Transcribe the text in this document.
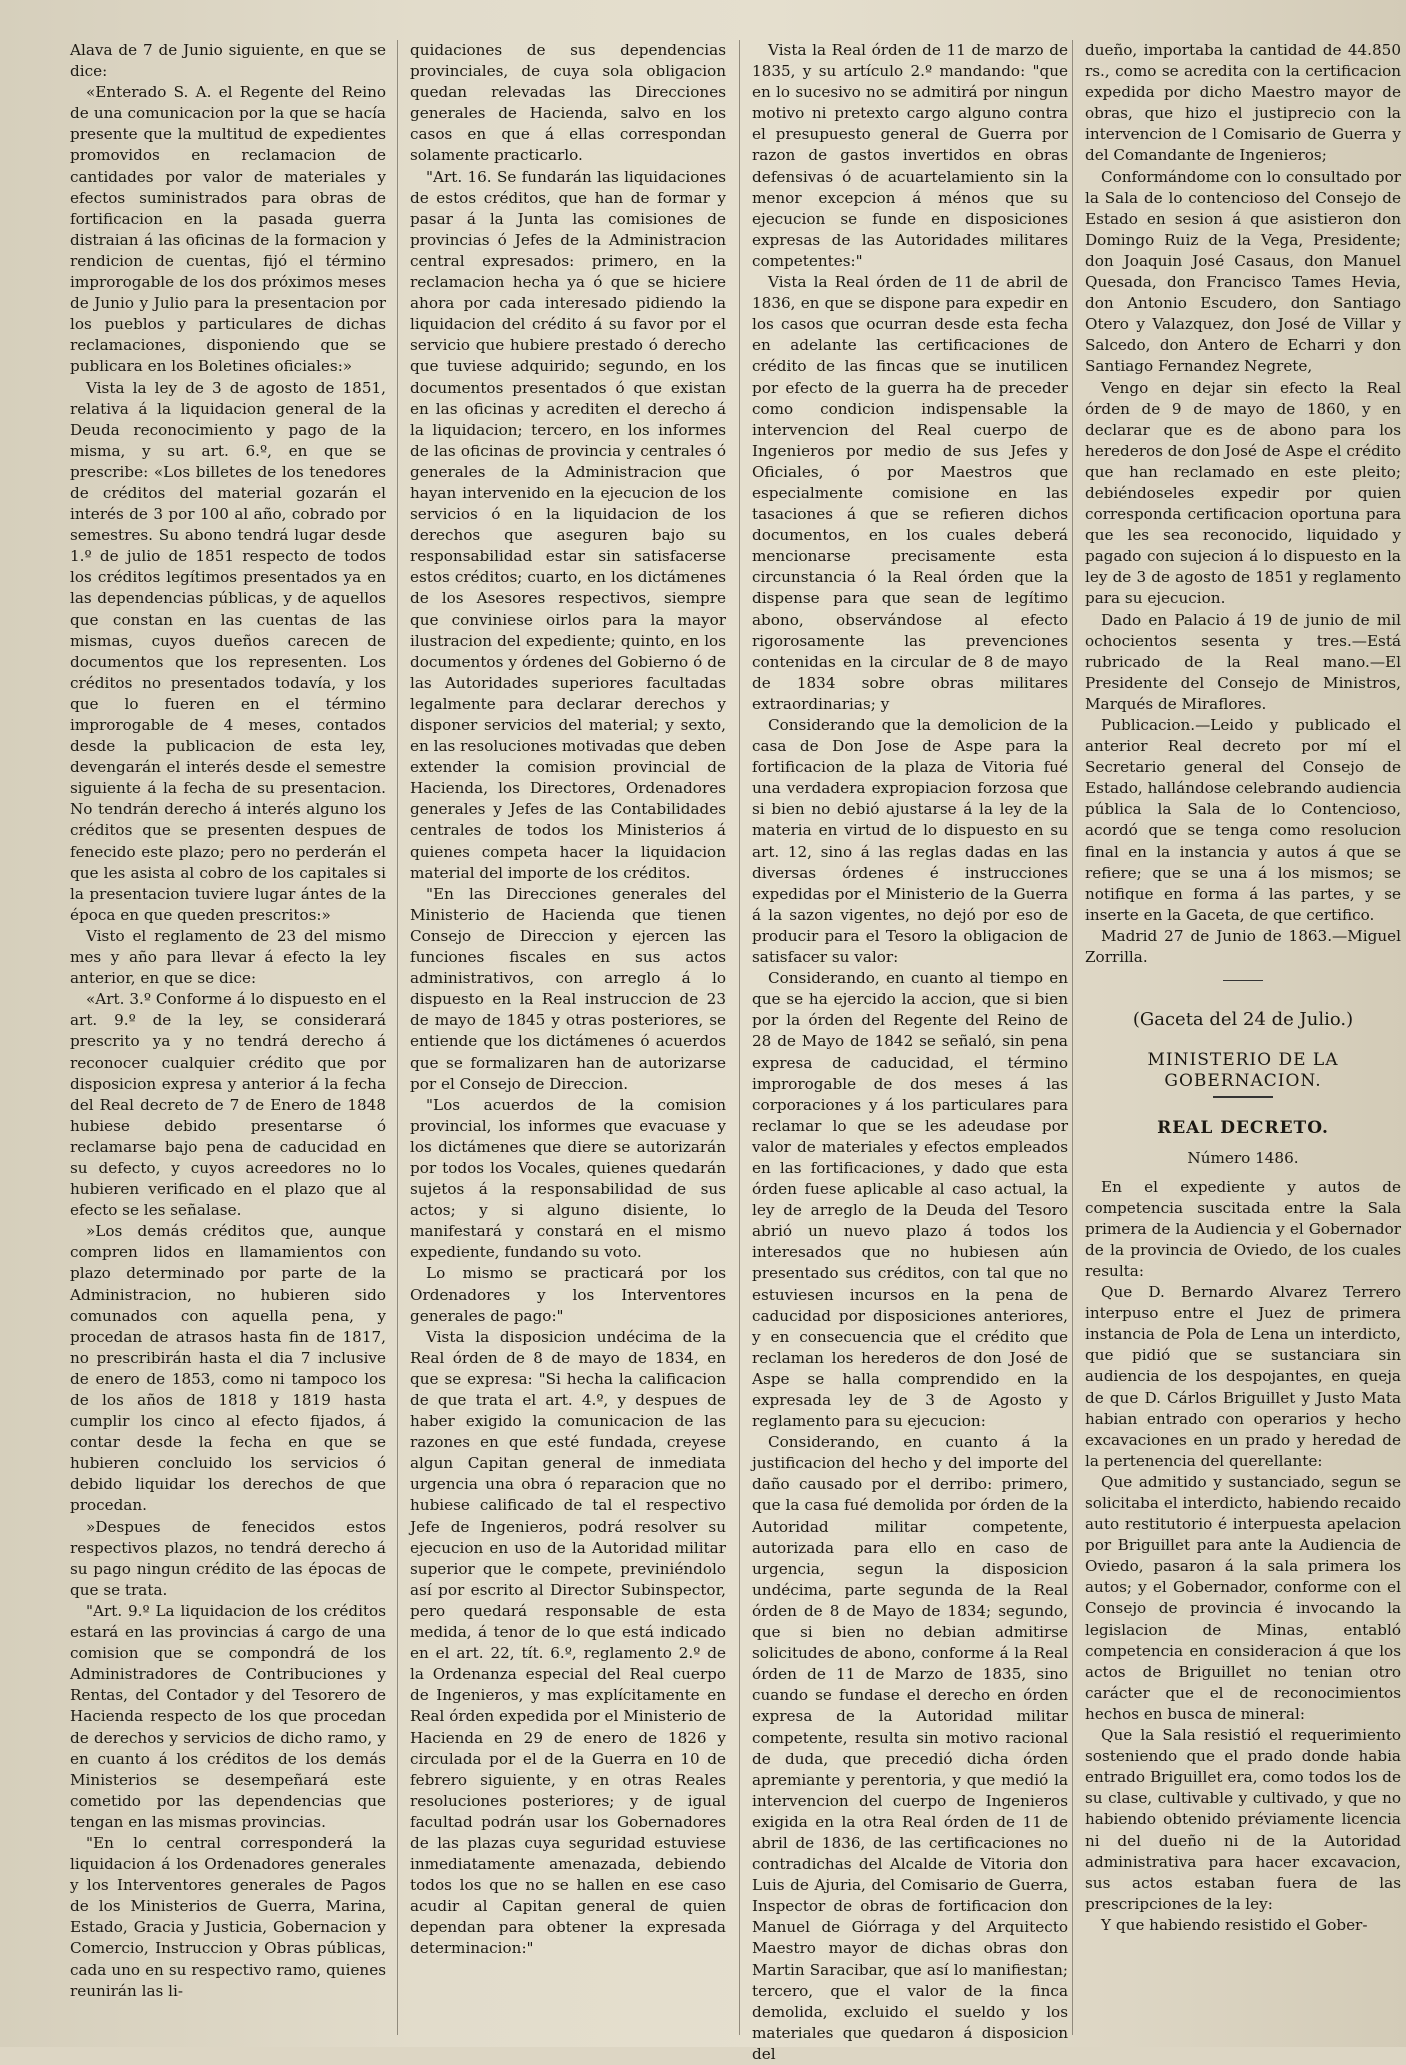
Alava de 7 de Junio siguiente, en que se dice:

«Enterado S. A. el Regente del Reino de una comunicacion por la que se hacía presente que la multitud de expedientes promovidos en reclamacion de cantidades por valor de materiales y efectos suministrados para obras de fortificacion en la pasada guerra distraian á las oficinas de la formacion y rendicion de cuentas, fijó el término improrogable de los dos próximos meses de Junio y Julio para la presentacion por los pueblos y particulares de dichas reclamaciones, disponiendo que se publicara en los Boletines oficiales:»

Vista la ley de 3 de agosto de 1851, relativa á la liquidacion general de la Deuda reconocimiento y pago de la misma, y su art. 6.º, en que se prescribe: «Los billetes de los tenedores de créditos del material gozarán el interés de 3 por 100 al año, cobrado por semestres. Su abono tendrá lugar desde 1.º de julio de 1851 respecto de todos los créditos legítimos presentados ya en las dependencias públicas, y de aquellos que constan en las cuentas de las mismas, cuyos dueños carecen de documentos que los representen. Los créditos no presentados todavía, y los que lo fueren en el término improrogable de 4 meses, contados desde la publicacion de esta ley, devengarán el interés desde el semestre siguiente á la fecha de su presentacion. No tendrán derecho á interés alguno los créditos que se presenten despues de fenecido este plazo; pero no perderán el que les asista al cobro de los capitales si la presentacion tuviere lugar ántes de la época en que queden prescritos:»

Visto el reglamento de 23 del mismo mes y año para llevar á efecto la ley anterior, en que se dice:

«Art. 3.º Conforme á lo dispuesto en el art. 9.º de la ley, se considerará prescrito ya y no tendrá derecho á reconocer cualquier crédito que por disposicion expresa y anterior á la fecha del Real decreto de 7 de Enero de 1848 hubiese debido presentarse ó reclamarse bajo pena de caducidad en su defecto, y cuyos acreedores no lo hubieren verificado en el plazo que al efecto se les señalase.

»Los demás créditos que, aunque compren lidos en llamamientos con plazo determinado por parte de la Administracion, no hubieren sido comunados con aquella pena, y procedan de atrasos hasta fin de 1817, no prescribirán hasta el dia 7 inclusive de enero de 1853, como ni tampoco los de los años de 1818 y 1819 hasta cumplir los cinco al efecto fijados, á contar desde la fecha en que se hubieren concluido los servicios ó debido liquidar los derechos de que procedan.

»Despues de fenecidos estos respectivos plazos, no tendrá derecho á su pago ningun crédito de las épocas de que se trata.

"Art. 9.º La liquidacion de los créditos estará en las provincias á cargo de una comision que se compondrá de los Administradores de Contribuciones y Rentas, del Contador y del Tesorero de Hacienda respecto de los que procedan de derechos y servicios de dicho ramo, y en cuanto á los créditos de los demás Ministerios se desempeñará este cometido por las dependencias que tengan en las mismas provincias.

"En lo central corresponderá la liquidacion á los Ordenadores generales y los Interventores generales de Pagos de los Ministerios de Guerra, Marina, Estado, Gracia y Justicia, Gobernacion y Comercio, Instruccion y Obras públicas, cada uno en su respectivo ramo, quienes reunirán las li-

quidaciones de sus dependencias provinciales, de cuya sola obligacion quedan relevadas las Direcciones generales de Hacienda, salvo en los casos en que á ellas correspondan solamente practicarlo.

"Art. 16. Se fundarán las liquidaciones de estos créditos, que han de formar y pasar á la Junta las comisiones de provincias ó Jefes de la Administracion central expresados: primero, en la reclamacion hecha ya ó que se hiciere ahora por cada interesado pidiendo la liquidacion del crédito á su favor por el servicio que hubiere prestado ó derecho que tuviese adquirido; segundo, en los documentos presentados ó que existan en las oficinas y acrediten el derecho á la liquidacion; tercero, en los informes de las oficinas de provincia y centrales ó generales de la Administracion que hayan intervenido en la ejecucion de los servicios ó en la liquidacion de los derechos que aseguren bajo su responsabilidad estar sin satisfacerse estos créditos; cuarto, en los dictámenes de los Asesores respectivos, siempre que conviniese oirlos para la mayor ilustracion del expediente; quinto, en los documentos y órdenes del Gobierno ó de las Autoridades superiores facultadas legalmente para declarar derechos y disponer servicios del material; y sexto, en las resoluciones motivadas que deben extender la comision provincial de Hacienda, los Directores, Ordenadores generales y Jefes de las Contabilidades centrales de todos los Ministerios á quienes competa hacer la liquidacion material del importe de los créditos.

"En las Direcciones generales del Ministerio de Hacienda que tienen Consejo de Direccion y ejercen las funciones fiscales en sus actos administrativos, con arreglo á lo dispuesto en la Real instruccion de 23 de mayo de 1845 y otras posteriores, se entiende que los dictámenes ó acuerdos que se formalizaren han de autorizarse por el Consejo de Direccion.

"Los acuerdos de la comision provincial, los informes que evacuase y los dictámenes que diere se autorizarán por todos los Vocales, quienes quedarán sujetos á la responsabilidad de sus actos; y si alguno disiente, lo manifestará y constará en el mismo expediente, fundando su voto.

Lo mismo se practicará por los Ordenadores y los Interventores generales de pago:"

Vista la disposicion undécima de la Real órden de 8 de mayo de 1834, en que se expresa: "Si hecha la calificacion de que trata el art. 4.º, y despues de haber exigido la comunicacion de las razones en que esté fundada, creyese algun Capitan general de inmediata urgencia una obra ó reparacion que no hubiese calificado de tal el respectivo Jefe de Ingenieros, podrá resolver su ejecucion en uso de la Autoridad militar superior que le compete, previniéndolo así por escrito al Director Subinspector, pero quedará responsable de esta medida, á tenor de lo que está indicado en el art. 22, tít. 6.º, reglamento 2.º de la Ordenanza especial del Real cuerpo de Ingenieros, y mas explícitamente en Real órden expedida por el Ministerio de Hacienda en 29 de enero de 1826 y circulada por el de la Guerra en 10 de febrero siguiente, y en otras Reales resoluciones posteriores; y de igual facultad podrán usar los Gobernadores de las plazas cuya seguridad estuviese inmediatamente amenazada, debiendo todos los que no se hallen en ese caso acudir al Capitan general de quien dependan para obtener la expresada determinacion:"

Vista la Real órden de 11 de marzo de 1835, y su artículo 2.º mandando: "que en lo sucesivo no se admitirá por ningun motivo ni pretexto cargo alguno contra el presupuesto general de Guerra por razon de gastos invertidos en obras defensivas ó de acuartelamiento sin la menor excepcion á ménos que su ejecucion se funde en disposiciones expresas de las Autoridades militares competentes:"

Vista la Real órden de 11 de abril de 1836, en que se dispone para expedir en los casos que ocurran desde esta fecha en adelante las certificaciones de crédito de las fincas que se inutilicen por efecto de la guerra ha de preceder como condicion indispensable la intervencion del Real cuerpo de Ingenieros por medio de sus Jefes y Oficiales, ó por Maestros que especialmente comisione en las tasaciones á que se refieren dichos documentos, en los cuales deberá mencionarse precisamente esta circunstancia ó la Real órden que la dispense para que sean de legítimo abono, observándose al efecto rigorosamente las prevenciones contenidas en la circular de 8 de mayo de 1834 sobre obras militares extraordinarias; y

Considerando que la demolicion de la casa de Don Jose de Aspe para la fortificacion de la plaza de Vitoria fué una verdadera expropiacion forzosa que si bien no debió ajustarse á la ley de la materia en virtud de lo dispuesto en su art. 12, sino á las reglas dadas en las diversas órdenes é instrucciones expedidas por el Ministerio de la Guerra á la sazon vigentes, no dejó por eso de producir para el Tesoro la obligacion de satisfacer su valor:

Considerando, en cuanto al tiempo en que se ha ejercido la accion, que si bien por la órden del Regente del Reino de 28 de Mayo de 1842 se señaló, sin pena expresa de caducidad, el término improrogable de dos meses á las corporaciones y á los particulares para reclamar lo que se les adeudase por valor de materiales y efectos empleados en las fortificaciones, y dado que esta órden fuese aplicable al caso actual, la ley de arreglo de la Deuda del Tesoro abrió un nuevo plazo á todos los interesados que no hubiesen aún presentado sus créditos, con tal que no estuviesen incursos en la pena de caducidad por disposiciones anteriores, y en consecuencia que el crédito que reclaman los herederos de don José de Aspe se halla comprendido en la expresada ley de 3 de Agosto y reglamento para su ejecucion:

Considerando, en cuanto á la justificacion del hecho y del importe del daño causado por el derribo: primero, que la casa fué demolida por órden de la Autoridad militar competente, autorizada para ello en caso de urgencia, segun la disposicion undécima, parte segunda de la Real órden de 8 de Mayo de 1834; segundo, que si bien no debian admitirse solicitudes de abono, conforme á la Real órden de 11 de Marzo de 1835, sino cuando se fundase el derecho en órden expresa de la Autoridad militar competente, resulta sin motivo racional de duda, que precedió dicha órden apremiante y perentoria, y que medió la intervencion del cuerpo de Ingenieros exigida en la otra Real órden de 11 de abril de 1836, de las certificaciones no contradichas del Alcalde de Vitoria don Luis de Ajuria, del Comisario de Guerra, Inspector de obras de fortificacion don Manuel de Giórraga y del Arquitecto Maestro mayor de dichas obras don Martin Saracibar, que así lo manifiestan; tercero, que el valor de la finca demolida, excluido el sueldo y los materiales que quedaron á disposicion del

dueño, importaba la cantidad de 44.850 rs., como se acredita con la certificacion expedida por dicho Maestro mayor de obras, que hizo el justiprecio con la intervencion de l Comisario de Guerra y del Comandante de Ingenieros;

Conformándome con lo consultado por la Sala de lo contencioso del Consejo de Estado en sesion á que asistieron don Domingo Ruiz de la Vega, Presidente; don Joaquin José Casaus, don Manuel Quesada, don Francisco Tames Hevia, don Antonio Escudero, don Santiago Otero y Valazquez, don José de Villar y Salcedo, don Antero de Echarri y don Santiago Fernandez Negrete,

Vengo en dejar sin efecto la Real órden de 9 de mayo de 1860, y en declarar que es de abono para los herederos de don José de Aspe el crédito que han reclamado en este pleito; debiéndoseles expedir por quien corresponda certificacion oportuna para que les sea reconocido, liquidado y pagado con sujecion á lo dispuesto en la ley de 3 de agosto de 1851 y reglamento para su ejecucion.

Dado en Palacio á 19 de junio de mil ochocientos sesenta y tres.—Está rubricado de la Real mano.—El Presidente del Consejo de Ministros, Marqués de Miraflores.

Publicacion.—Leido y publicado el anterior Real decreto por mí el Secretario general del Consejo de Estado, hallándose celebrando audiencia pública la Sala de lo Contencioso, acordó que se tenga como resolucion final en la instancia y autos á que se refiere; que se una á los mismos; se notifique en forma á las partes, y se inserte en la Gaceta, de que certifico.

Madrid 27 de Junio de 1863.—Miguel Zorrilla.

(Gaceta del 24 de Julio.)

MINISTERIO DE LA GOBERNACION.

REAL DECRETO.

Número 1486.

En el expediente y autos de competencia suscitada entre la Sala primera de la Audiencia y el Gobernador de la provincia de Oviedo, de los cuales resulta:

Que D. Bernardo Alvarez Terrero interpuso entre el Juez de primera instancia de Pola de Lena un interdicto, que pidió que se sustanciara sin audiencia de los despojantes, en queja de que D. Cárlos Briguillet y Justo Mata habian entrado con operarios y hecho excavaciones en un prado y heredad de la pertenencia del querellante:

Que admitido y sustanciado, segun se solicitaba el interdicto, habiendo recaido auto restitutorio é interpuesta apelacion por Briguillet para ante la Audiencia de Oviedo, pasaron á la sala primera los autos; y el Gobernador, conforme con el Consejo de provincia é invocando la legislacion de Minas, entabló competencia en consideracion á que los actos de Briguillet no tenian otro carácter que el de reconocimientos hechos en busca de mineral:

Que la Sala resistió el requerimiento sosteniendo que el prado donde habia entrado Briguillet era, como todos los de su clase, cultivable y cultivado, y que no habiendo obtenido préviamente licencia ni del dueño ni de la Autoridad administrativa para hacer excavacion, sus actos estaban fuera de las prescripciones de la ley:

Y que habiendo resistido el Gober-
